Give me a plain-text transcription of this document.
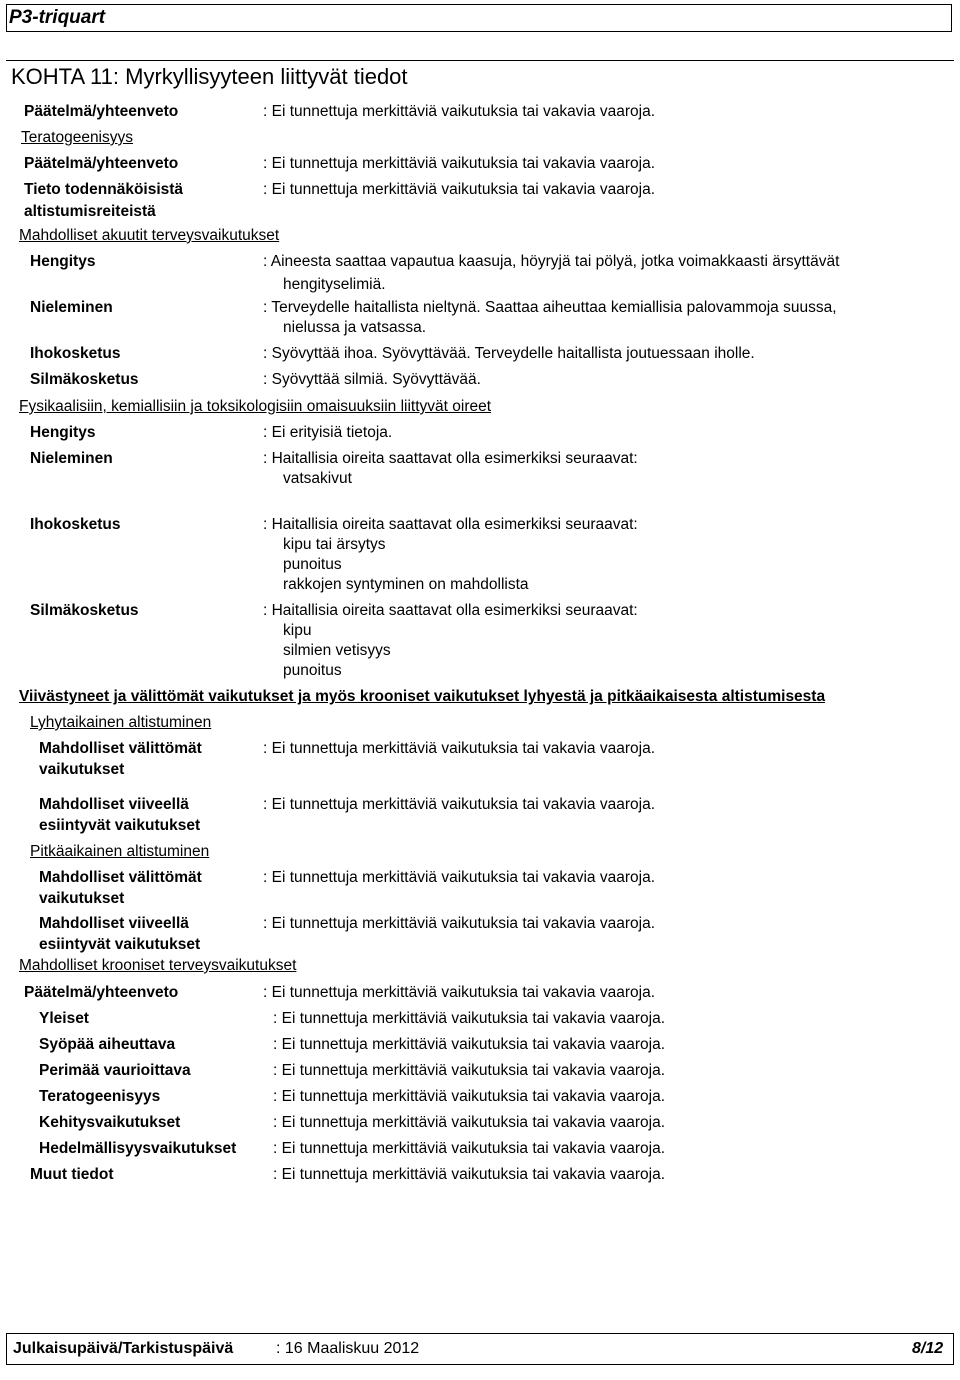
P3-triquart
KOHTA 11: Myrkyllisyyteen liittyvät tiedot
Päätelmä/yhteenveto	: Ei tunnettuja merkittäviä vaikutuksia tai vakavia vaaroja.
Teratogeenisyys
Päätelmä/yhteenveto	: Ei tunnettuja merkittäviä vaikutuksia tai vakavia vaaroja.
Tieto todennäköisistä
altistumisreiteistä
: Ei tunnettuja merkittäviä vaikutuksia tai vakavia vaaroja.
Mahdolliset akuutit terveysvaikutukset
Hengitys	: Aineesta saattaa vapautua kaasuja, höyryjä tai pölyä, jotka voimakkaasti ärsyttävät
hengityselimiä.
Nieleminen	: Terveydelle haitallista nieltynä. Saattaa aiheuttaa kemiallisia palovammoja suussa,
nielussa ja vatsassa.
Ihokosketus	: Syövyttää ihoa. Syövyttävää. Terveydelle haitallista joutuessaan iholle.
Silmäkosketus	: Syövyttää silmiä. Syövyttävää.
Fysikaalisiin, kemiallisiin ja toksikologisiin omaisuuksiin liittyvät oireet
Hengitys	: Ei erityisiä tietoja.
Nieleminen	: Haitallisia oireita saattavat olla esimerkiksi seuraavat:
vatsakivut
Ihokosketus	: Haitallisia oireita saattavat olla esimerkiksi seuraavat:
kipu tai ärsytys
punoitus
rakkojen syntyminen on mahdollista
Silmäkosketus	: Haitallisia oireita saattavat olla esimerkiksi seuraavat:
kipu
silmien vetisyys
punoitus
Viivästyneet ja välittömät vaikutukset ja myös krooniset vaikutukset lyhyestä ja pitkäaikaisesta altistumisesta
Lyhytaikainen altistuminen
Mahdolliset välittömät
vaikutukset
: Ei tunnettuja merkittäviä vaikutuksia tai vakavia vaaroja.
Mahdolliset viiveellä
esiintyvät vaikutukset
: Ei tunnettuja merkittäviä vaikutuksia tai vakavia vaaroja.
Pitkäaikainen altistuminen
Mahdolliset välittömät
vaikutukset
: Ei tunnettuja merkittäviä vaikutuksia tai vakavia vaaroja.
Mahdolliset viiveellä
esiintyvät vaikutukset
: Ei tunnettuja merkittäviä vaikutuksia tai vakavia vaaroja.
Mahdolliset krooniset terveysvaikutukset
Päätelmä/yhteenveto	: Ei tunnettuja merkittäviä vaikutuksia tai vakavia vaaroja.
Yleiset	: Ei tunnettuja merkittäviä vaikutuksia tai vakavia vaaroja.
Syöpää aiheuttava	: Ei tunnettuja merkittäviä vaikutuksia tai vakavia vaaroja.
Perimää vaurioittava	: Ei tunnettuja merkittäviä vaikutuksia tai vakavia vaaroja.
Teratogeenisyys	: Ei tunnettuja merkittäviä vaikutuksia tai vakavia vaaroja.
Kehitysvaikutukset	: Ei tunnettuja merkittäviä vaikutuksia tai vakavia vaaroja.
Hedelmällisyysvaikutukset : Ei tunnettuja merkittäviä vaikutuksia tai vakavia vaaroja.
Muut tiedot	: Ei tunnettuja merkittäviä vaikutuksia tai vakavia vaaroja.
Julkaisupäivä/Tarkistuspäivä	: 16 Maaliskuu 2012	8/12
